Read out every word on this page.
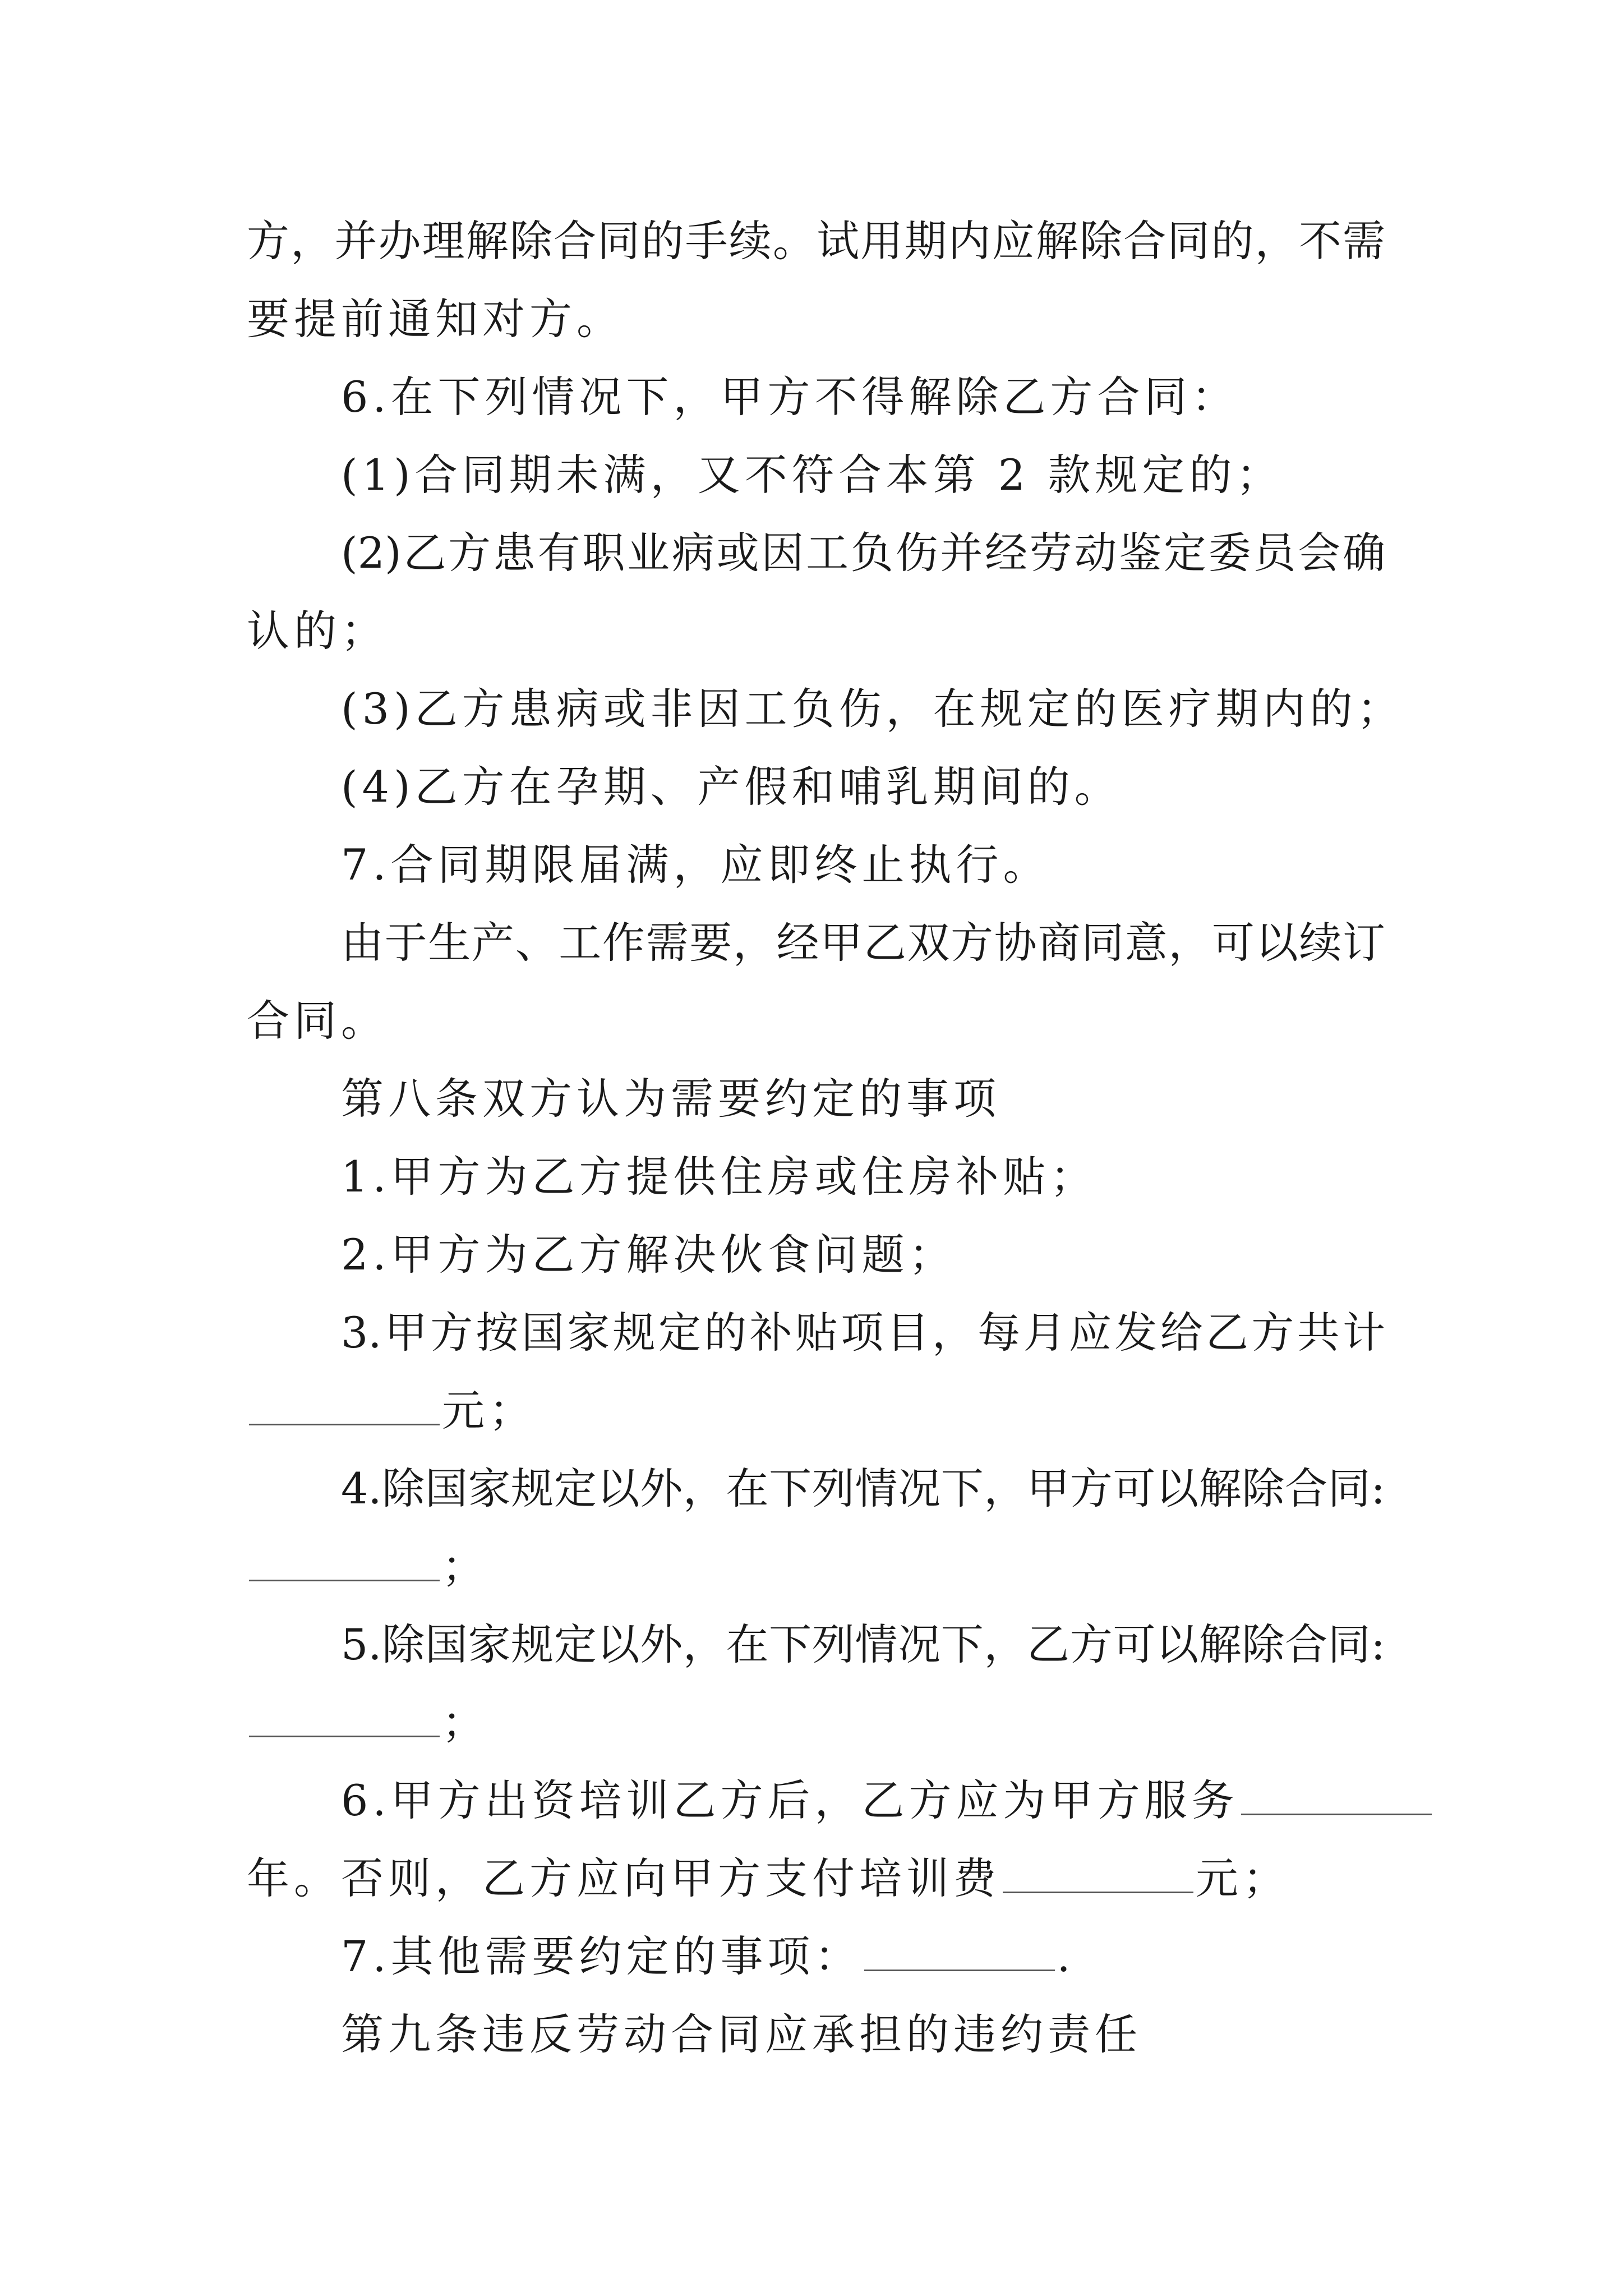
方，并办理解除合同的手续。试用期内应解除合同的，不需
要提前通知对方。
6.在下列情况下，甲方不得解除乙方合同：
(1)合同期未满，又不符合本第 2 款规定的；
(2)乙方患有职业病或因工负伤并经劳动鉴定委员会确
认的；
(3)乙方患病或非因工负伤，在规定的医疗期内的；
(4)乙方在孕期、产假和哺乳期间的。
7.合同期限届满，应即终止执行。
由于生产、工作需要，经甲乙双方协商同意，可以续订
合同。
第八条双方认为需要约定的事项
1.甲方为乙方提供住房或住房补贴；
2.甲方为乙方解决伙食问题；
3.甲方按国家规定的补贴项目，每月应发给乙方共计
元；
4.除国家规定以外，在下列情况下，甲方可以解除合同:
；
5.除国家规定以外，在下列情况下，乙方可以解除合同:
；
6.甲方出资培训乙方后，乙方应为甲方服务
年。否则，乙方应向甲方支付培训费	元；
7.其他需要约定的事项：	.
第九条违反劳动合同应承担的违约责任
